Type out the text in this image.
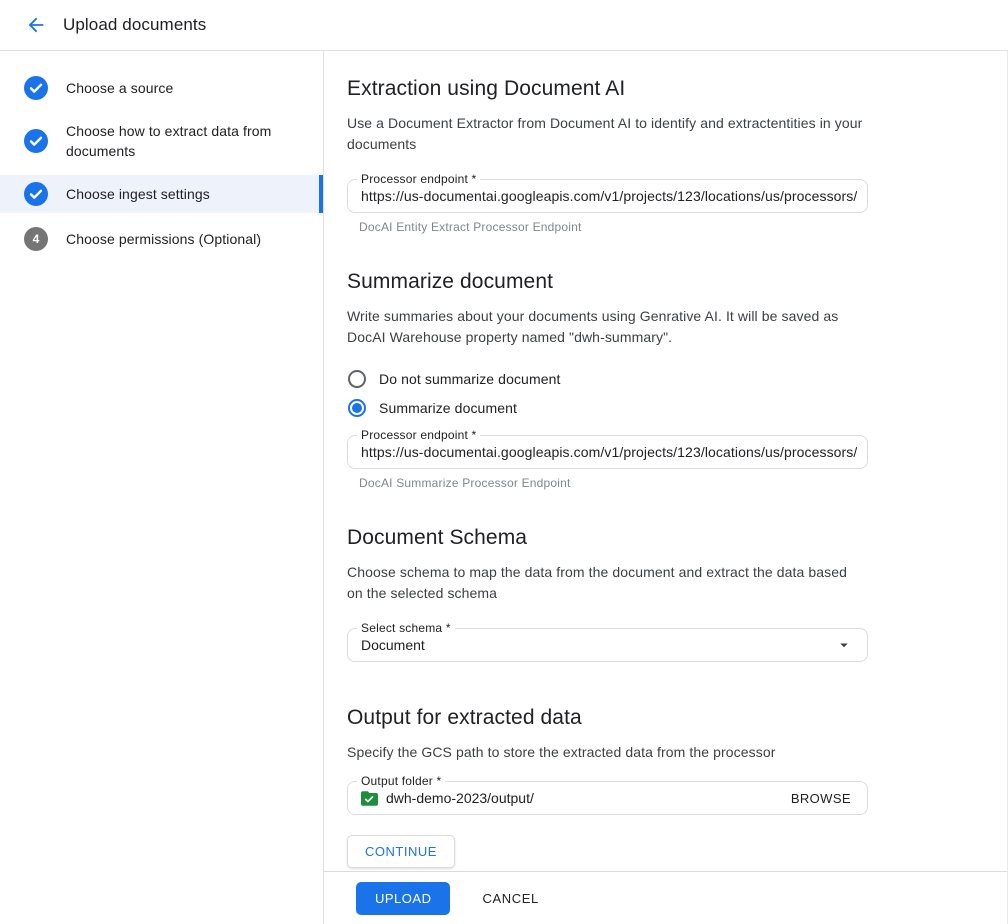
Upload documents
Choose a source
Choose how to extract data from documents
Choose ingest settings
4	Choose permissions (Optional)
Extraction using Document AI
Use a Document Extractor from Document AI to identify and extractentities in your documents
Processor endpoint *
https://us-documentai.googleapis.com/v1/projects/123/locations/us/processors/abc
DocAI Entity Extract Processor Endpoint
Summarize document
Write summaries about your documents using Genrative AI. It will be saved as DocAI Warehouse property named "dwh-summary".
Do not summarize document
Summarize document
Processor endpoint *
https://us-documentai.googleapis.com/v1/projects/123/locations/us/processors/efg
DocAI Summarize Processor Endpoint
Document Schema
Choose schema to map the data from the document and extract the data based on the selected schema
Select schema *
Document
Output for extracted data
Specify the GCS path to store the extracted data from the processor
Output folder *
dwh-demo-2023/output/	BROWSE
CONTINUE
UPLOAD	CANCEL
